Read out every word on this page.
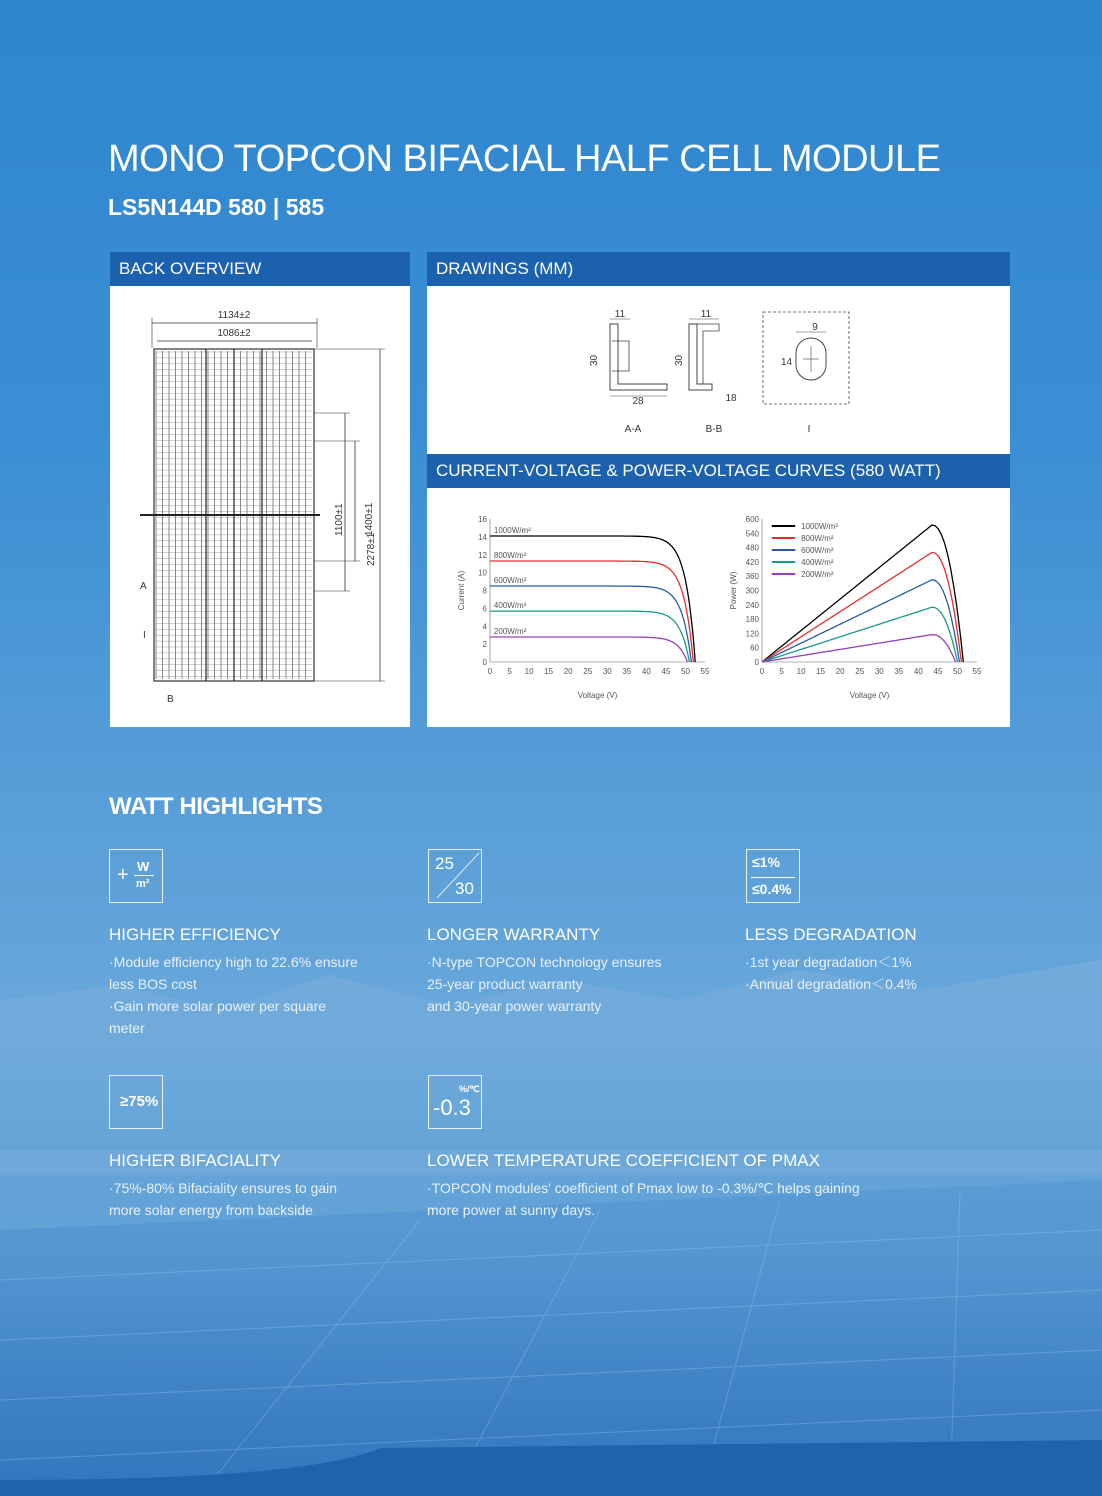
MONO TOPCON BIFACIAL HALF CELL MODULE
LS5N144D 580 | 585
BACK OVERVIEW
1134±2
1086±2
1100±1 1400±1
2278±1
A
I
B
DRAWINGS (MM)
11
30
28
A-A
11
30
18
B-B
9
14
I
CURRENT-VOLTAGE & POWER-VOLTAGE CURVES (580 WATT)
0 5 10 15 20 25 30 35 40 45 50 55
0
2
4
6
8
10
12
14
16
Voltage (V)
Current (A)
1000W/m²
800W/m²
600W/m²
400W/m²
200W/m²
0 5 10 15 20 25 30 35 40 45 50 55
0
60
120
180
240
300
360
420
480
540
600
Voltage (V)
Power (W)
1000W/m²
800W/m²
600W/m²
400W/m²
200W/m²
WATT HIGHLIGHTS
+ W
m²
HIGHER EFFICIENCY
·Module efficiency high to 22.6% ensure
less BOS cost
·Gain more solar power per square
meter
25
30
LONGER WARRANTY
·N-type TOPCON technology ensures
25-year product warranty
and 30-year power warranty
≤1%
≤0.4%
LESS DEGRADATION
·1st year degradation＜1%
·Annual degradation＜0.4%
≥75%
HIGHER BIFACIALITY
·75%-80% Bifaciality ensures to gain
more solar energy from backside
%/℃
-0.3
LOWER TEMPERATURE COEFFICIENT OF PMAX
·TOPCON modules' coefficient of Pmax low to -0.3%/℃ helps gaining
more power at sunny days.
